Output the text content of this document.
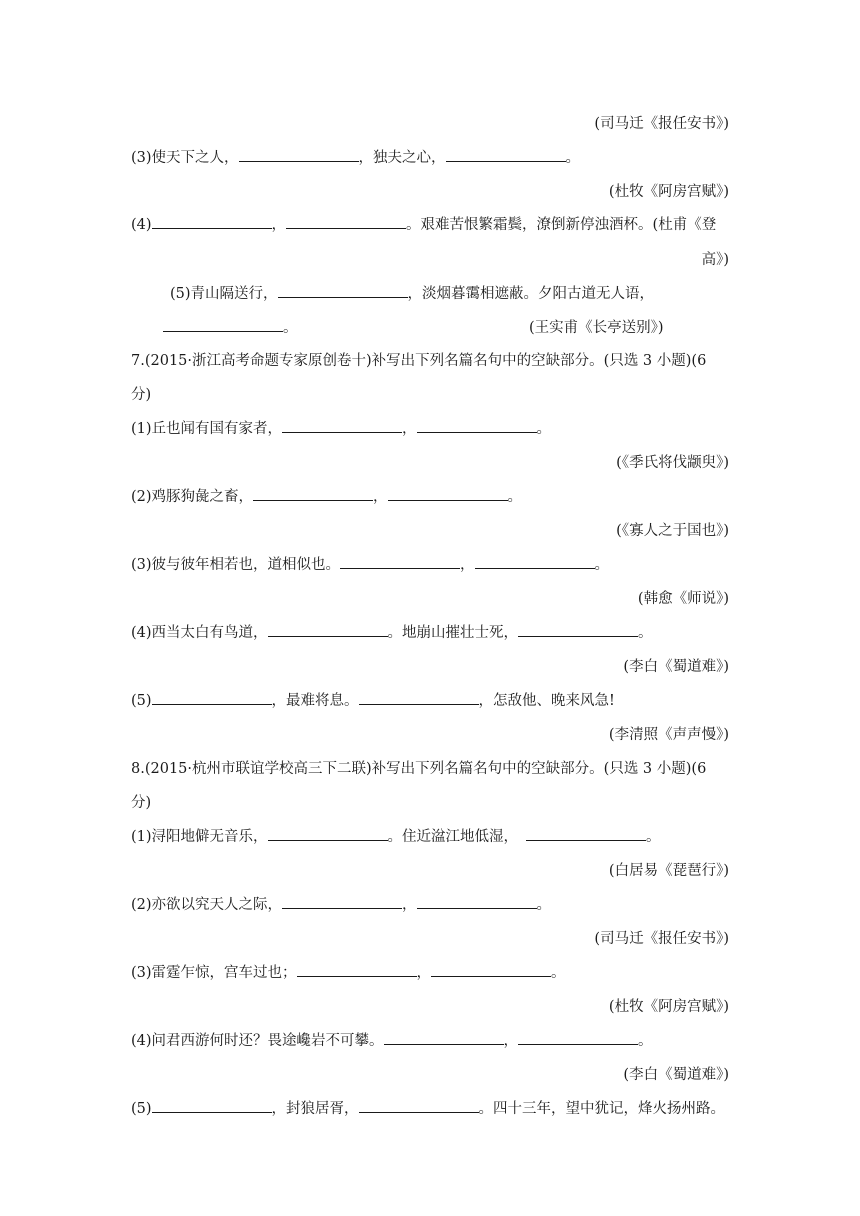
(司马迁《报任安书》)
(3)使天下之人，	，独夫之心，	。
(杜牧《阿房宫赋》)
(4)	，	。艰难苦恨繁霜鬓，潦倒新停浊酒杯。(杜甫《登
高》)
(5)青山隔送行，	，淡烟暮霭相遮蔽。夕阳古道无人语，
。	(王实甫《长亭送别》)
7.(2015·浙江高考命题专家原创卷十)补写出下列名篇名句中的空缺部分。(只选 3 小题)(6
分)
(1)丘也闻有国有家者，	，	。
(《季氏将伐颛臾》)
(2)鸡豚狗彘之畜，	，	。
(《寡人之于国也》)
(3)彼与彼年相若也，道相似也。	，	。
(韩愈《师说》)
(4)西当太白有鸟道，	。地崩山摧壮士死，	。
(李白《蜀道难》)
(5)	，最难将息。	，怎敌他、晚来风急!
(李清照《声声慢》)
8.(2015·杭州市联谊学校高三下二联)补写出下列名篇名句中的空缺部分。(只选 3 小题)(6
分)
(1)浔阳地僻无音乐，	。住近湓江地低湿，	。
(白居易《琵琶行》)
(2)亦欲以究天人之际，	，	。
(司马迁《报任安书》)
(3)雷霆乍惊，宫车过也；	，	。
(杜牧《阿房宫赋》)
(4)问君西游何时还？畏途巉岩不可攀。	，	。
(李白《蜀道难》)
(5)	，封狼居胥，	。四十三年，望中犹记，烽火扬州路。
